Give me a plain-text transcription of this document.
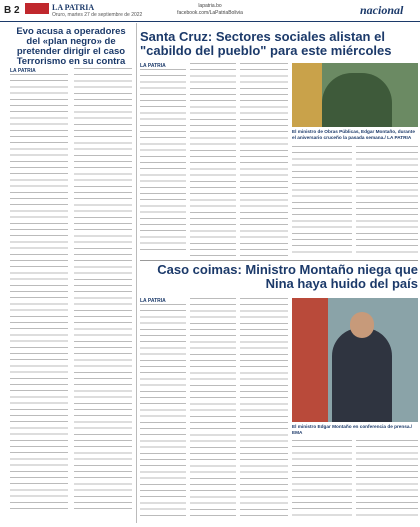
B 2	LA PATRIA
Oruro, martes 27 de septiembre de 2022
lapatria.bo
facebook.com/LaPatriaBolivia	nacional
Evo acusa a operadores del «plan negro» de pretender dirigir el caso Terrorismo en su contra
LA PATRIA
Santa Cruz: Sectores sociales alistan el "cabildo del pueblo" para este miércoles
LA PATRIA
El ministro de Obras Públicas, Edgar Montaño, durante el aniversario cruceño la pasada semana./ LA PATRIA
Caso coimas: Ministro Montaño niega que Nina haya huido del país
LA PATRIA
El ministro Edgar Montaño en conferencia de prensa./ EMA
